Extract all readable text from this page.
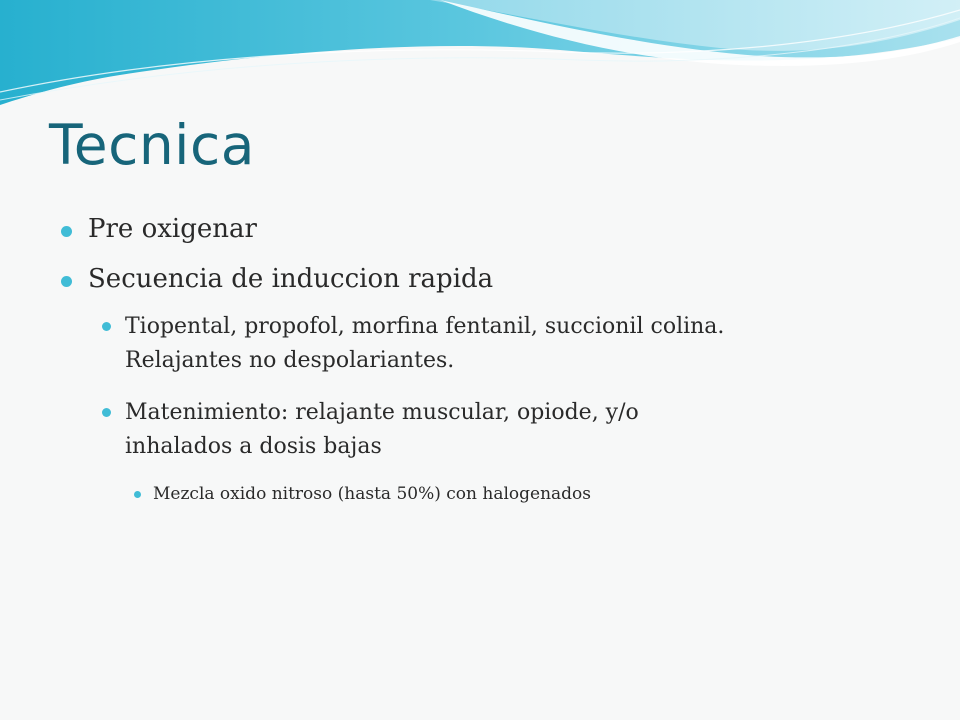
Tecnica
Pre oxigenar
Secuencia de induccion rapida
Tiopental, propofol, morfina fentanil, succionil colina.
Relajantes no despolariantes.
Matenimiento: relajante muscular, opiode, y/o
inhalados a dosis bajas
Mezcla oxido nitroso (hasta 50%) con halogenados
